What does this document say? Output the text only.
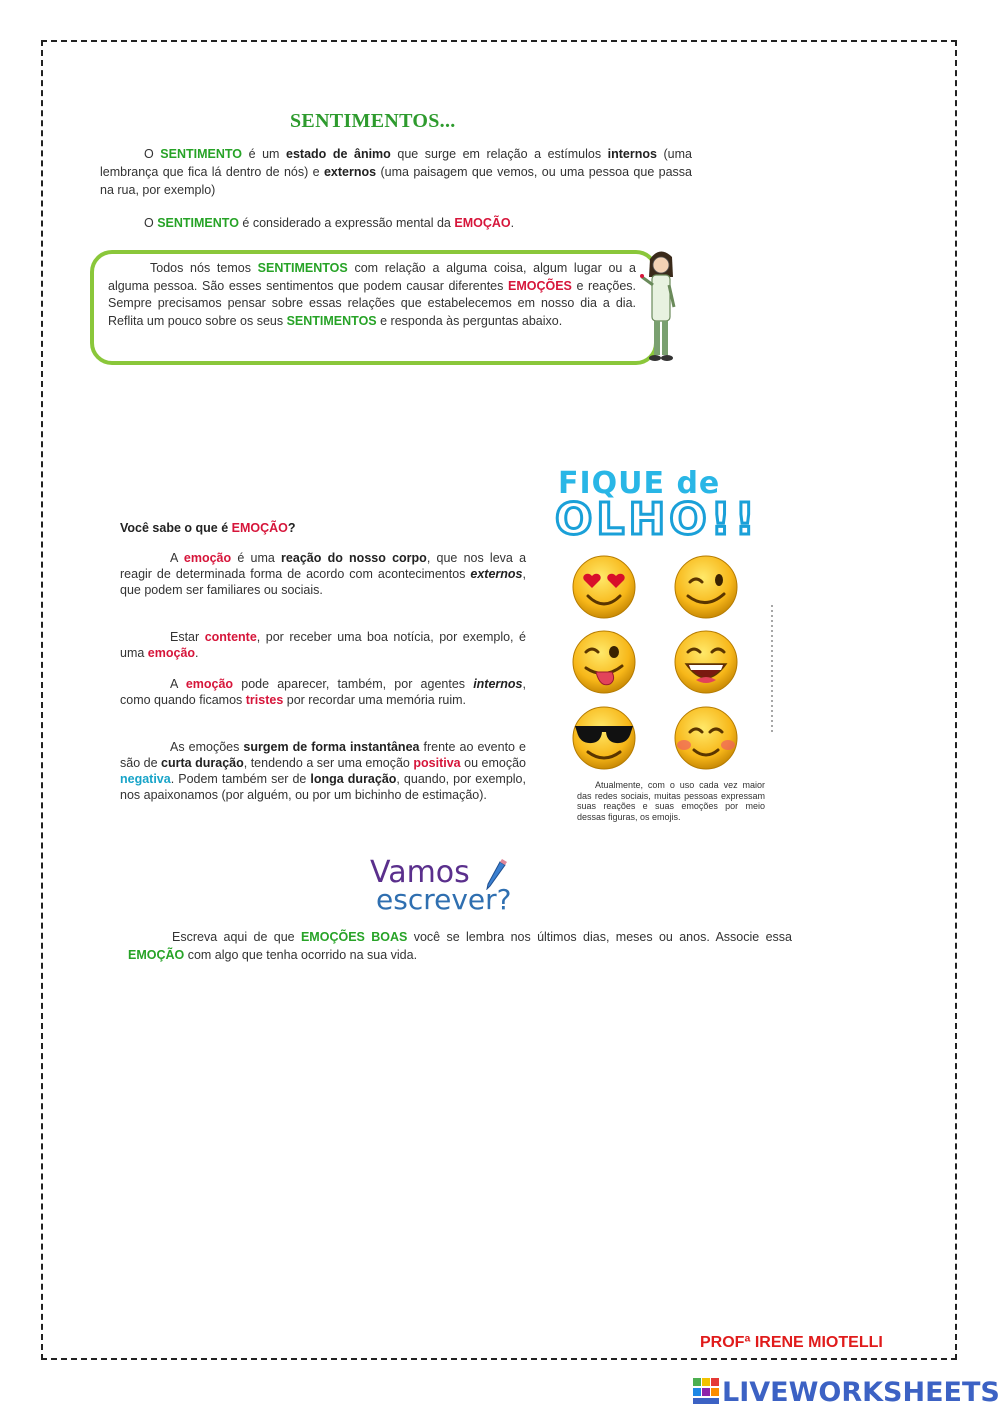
SENTIMENTOS...
O SENTIMENTO é um estado de ânimo que surge em relação a estímulos internos (uma lembrança que fica lá dentro de nós) e externos (uma paisagem que vemos, ou uma pessoa que passa na rua, por exemplo)
O SENTIMENTO é considerado a expressão mental da EMOÇÃO.
Todos nós temos SENTIMENTOS com relação a alguma coisa, algum lugar ou a alguma pessoa. São esses sentimentos que podem causar diferentes EMOÇÕES e reações. Sempre precisamos pensar sobre essas relações que estabelecemos em nosso dia a dia. Reflita um pouco sobre os seus SENTIMENTOS e responda às perguntas abaixo.
Você sabe o que é EMOÇÃO?
A emoção é uma reação do nosso corpo, que nos leva a reagir de determinada forma de acordo com acontecimentos externos, que podem ser familiares ou sociais.
Estar contente, por receber uma boa notícia, por exemplo, é uma emoção.
A emoção pode aparecer, também, por agentes internos, como quando ficamos tristes por recordar uma memória ruim.
As emoções surgem de forma instantânea frente ao evento e são de curta duração, tendendo a ser uma emoção positiva ou emoção negativa. Podem também ser de longa duração, quando, por exemplo, nos apaixonamos (por alguém, ou por um bichinho de estimação).
FIQUE de
OLHO!!
Atualmente, com o uso cada vez maior das redes sociais, muitas pessoas expressam suas reações e suas emoções por meio dessas figuras, os emojis.
Vamos
escrever?
Escreva aqui de que EMOÇÕES BOAS você se lembra nos últimos dias, meses ou anos. Associe essa EMOÇÃO com algo que tenha ocorrido na sua vida.
PROFª IRENE MIOTELLI
LIVEWORKSHEETS
